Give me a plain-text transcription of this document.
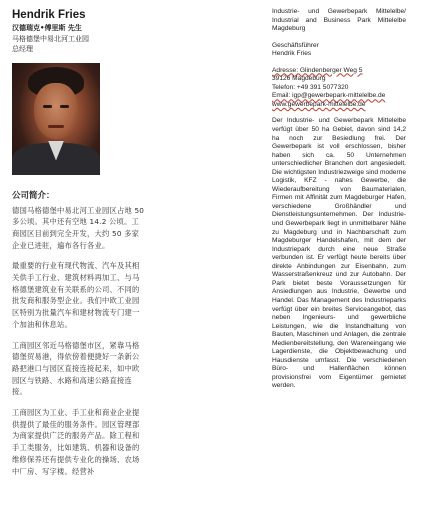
Hendrik Fries

汉德瑞克•傅里斯 先生

马格德堡中易北河工业园

总经理

公司简介：

德国马格德堡中易北河工业园区占地 50 多公顷。其中还有空地 14.2 公顷。工商园区目前到完全开发，大约 50 多家企业已进驻，遍布各行各业。

最重要的行业有现代物流、汽车及其相关供手工行业、建筑材料再加工、与马格德堡建筑业有关联系的公司、不同的批发商和服务型企业。我们中欧工业园区特别为批量汽车和建材物流专门建一个加油和休息站。

工商园区邻近马格德堡市区，紧靠马格德堡贸易港，得依傍着便捷好一条新公路把港口与园区直接连接起来，如中欧园区与铁路、水路和高速公路直接连接。

工商园区为工业、手工业和商业企业提供提供了最佳的服务条件。园区管理部为商家提供广泛的服务产品。除工程和手工类服务，比如建筑、机器和设备的维修保养还有提供专业化的操场、农场中厂房、写字楼。经营补

Industrie- und Gewerbepark Mittelelbe/ Industrial and Business Park Mittelelbe Magdeburg

Geschäftsführer

Hendrik Fries

Adresse: Glindenberger Weg 5

39126 Magdeburg

Telefon: +49 391 5077320

Email: igp@gewerbepark-mittelelbe.de

www.gewerbepark-mittelelbe.de

Der Industrie- und Gewerbepark Mittelelbe verfügt über 50 ha Gebiet, davon sind 14,2 ha noch zur Besiedlung frei. Der Gewerbepark ist voll erschlossen, bisher haben sich ca. 50 Unternehmen unterschiedlicher Branchen dort angesiedelt. Die wichtigsten Industriezweige sind moderne Logistik, KFZ - nahes Gewerbe, die Wiederaufbereitung von Baumaterialen, Firmen mit Affinität zum Magdeburger Hafen, verschiedene Großhändler und Dienstleistungsunternehmen. Der Industrie- und Gewerbepark liegt in unmittelbarer Nähe zu Magdeburg und in Nachbarschaft zum Magdeburger Handelshafen, mit dem der Industriepark durch eine neue Straße verbunden ist. Er verfügt heute bereits über direkte Anbindungen zur Eisenbahn, zum Wasserstraßenkreuz und zur Autobahn. Der Park bietet beste Voraussetzungen für Ansiedlungen aus Industrie, Gewerbe und Handel. Das Management des Industrieparks verfügt über ein breites Serviceangebot, das neben Ingenieurs- und gewerbliche Leistungen, wie die Instandhaltung von Bauten, Maschinen und Anlagen, die zentrale Medienbereitstellung, den Wareneingang wie Lagerdienste, die Objektbewachung und Hausdienste umfasst. Die verschiedenen Büro- und Hallenflächen können provisionsfrei vom Eigentümer gemietet werden.
